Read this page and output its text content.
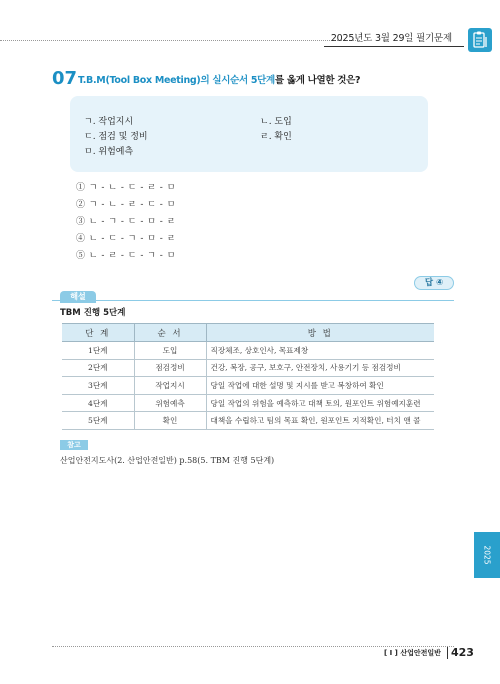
2025년도 3월 29일 필기문제
07 T.B.M(Tool Box Meeting)의 실시순서 5단계를 옳게 나열한 것은?
ㄱ. 작업지시	ㄴ. 도입
ㄷ. 점검 및 정비	ㄹ. 확인
ㅁ. 위험예측
① ㄱ - ㄴ - ㄷ - ㄹ - ㅁ
② ㄱ - ㄴ - ㄹ - ㄷ - ㅁ
③ ㄴ - ㄱ - ㄷ - ㅁ - ㄹ
④ ㄴ - ㄷ - ㄱ - ㅁ - ㄹ
⑤ ㄴ - ㄹ - ㄷ - ㄱ - ㅁ
답 ④
해설
TBM 진행 5단계
단 계	순 서	방 법
1단계	도입	직장체조, 상호인사, 목표제창
2단계	점검정비	건강, 복장, 공구, 보호구, 안전장치, 사용기기 등 점검정비
3단계	작업지시	당일 작업에 대한 설명 및 지시를 받고 복창하여 확인
4단계	위험예측	당일 작업의 위험을 예측하고 대책 토의, 원포인트 위험예지훈련
5단계	확인	대책을 수립하고 팀의 목표 확인, 원포인트 지적확인, 터치 앤 콜
참고
산업안전지도사(2. 산업안전일반) p.58(5. TBM 진행 5단계)
2025
[ Ⅰ ] 산업안전일반 423
